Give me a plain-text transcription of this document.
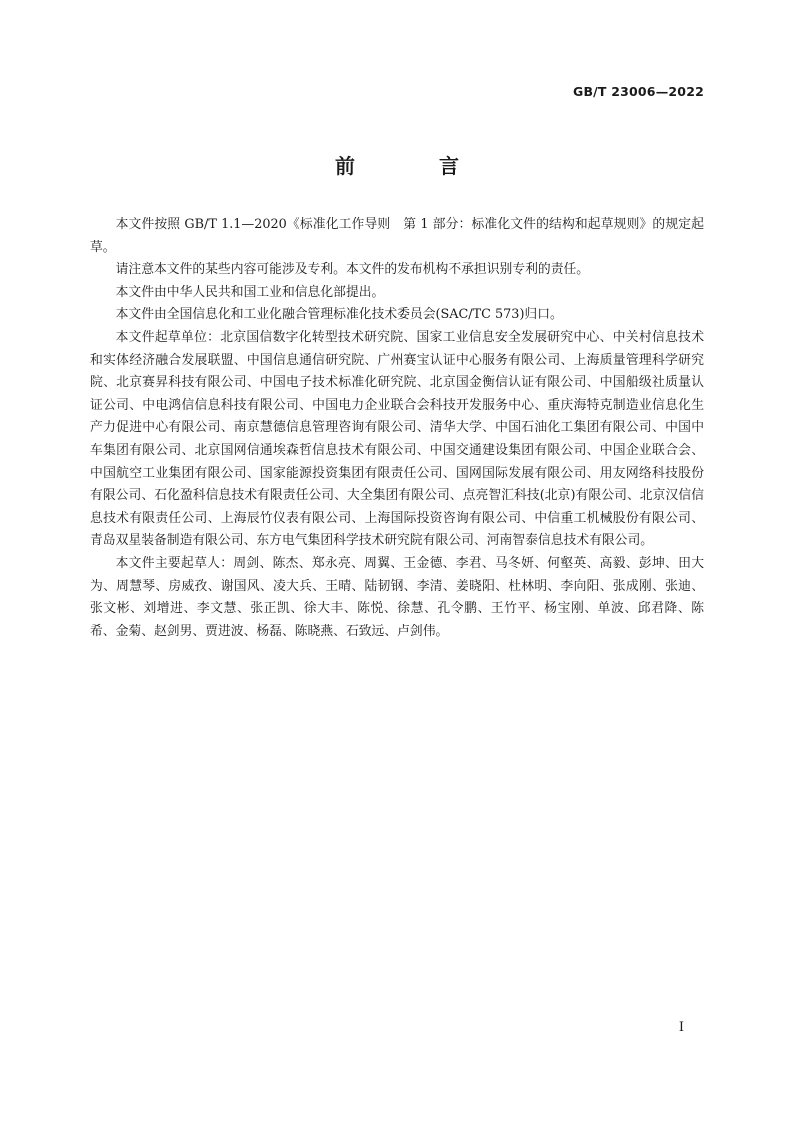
GB/T 23006—2022
前　言

本文件按照 GB/T 1.1—2020《标准化工作导则　第 1 部分：标准化文件的结构和起草规则》的规定起草。

请注意本文件的某些内容可能涉及专利。本文件的发布机构不承担识别专利的责任。

本文件由中华人民共和国工业和信息化部提出。

本文件由全国信息化和工业化融合管理标准化技术委员会(SAC/TC 573)归口。

本文件起草单位：北京国信数字化转型技术研究院、国家工业信息安全发展研究中心、中关村信息技术和实体经济融合发展联盟、中国信息通信研究院、广州赛宝认证中心服务有限公司、上海质量管理科学研究院、北京赛昇科技有限公司、中国电子技术标准化研究院、北京国金衡信认证有限公司、中国船级社质量认证公司、中电鸿信信息科技有限公司、中国电力企业联合会科技开发服务中心、重庆海特克制造业信息化生产力促进中心有限公司、南京慧德信息管理咨询有限公司、清华大学、中国石油化工集团有限公司、中国中车集团有限公司、北京国网信通埃森哲信息技术有限公司、中国交通建设集团有限公司、中国企业联合会、中国航空工业集团有限公司、国家能源投资集团有限责任公司、国网国际发展有限公司、用友网络科技股份有限公司、石化盈科信息技术有限责任公司、大全集团有限公司、点亮智汇科技(北京)有限公司、北京汉信信息技术有限责任公司、上海辰竹仪表有限公司、上海国际投资咨询有限公司、中信重工机械股份有限公司、青岛双星装备制造有限公司、东方电气集团科学技术研究院有限公司、河南智泰信息技术有限公司。

本文件主要起草人：周剑、陈杰、郑永亮、周翼、王金德、李君、马冬妍、何壑英、高毅、彭坤、田大为、周慧琴、房威孜、谢国风、凌大兵、王晴、陆韧钢、李清、姜晓阳、杜林明、李向阳、张成刚、张迪、张文彬、刘增进、李文慧、张正凯、徐大丰、陈悦、徐慧、孔令鹏、王竹平、杨宝刚、单波、邱君降、陈希、金菊、赵剑男、贾进波、杨磊、陈晓燕、石致远、卢剑伟。

Ⅰ
